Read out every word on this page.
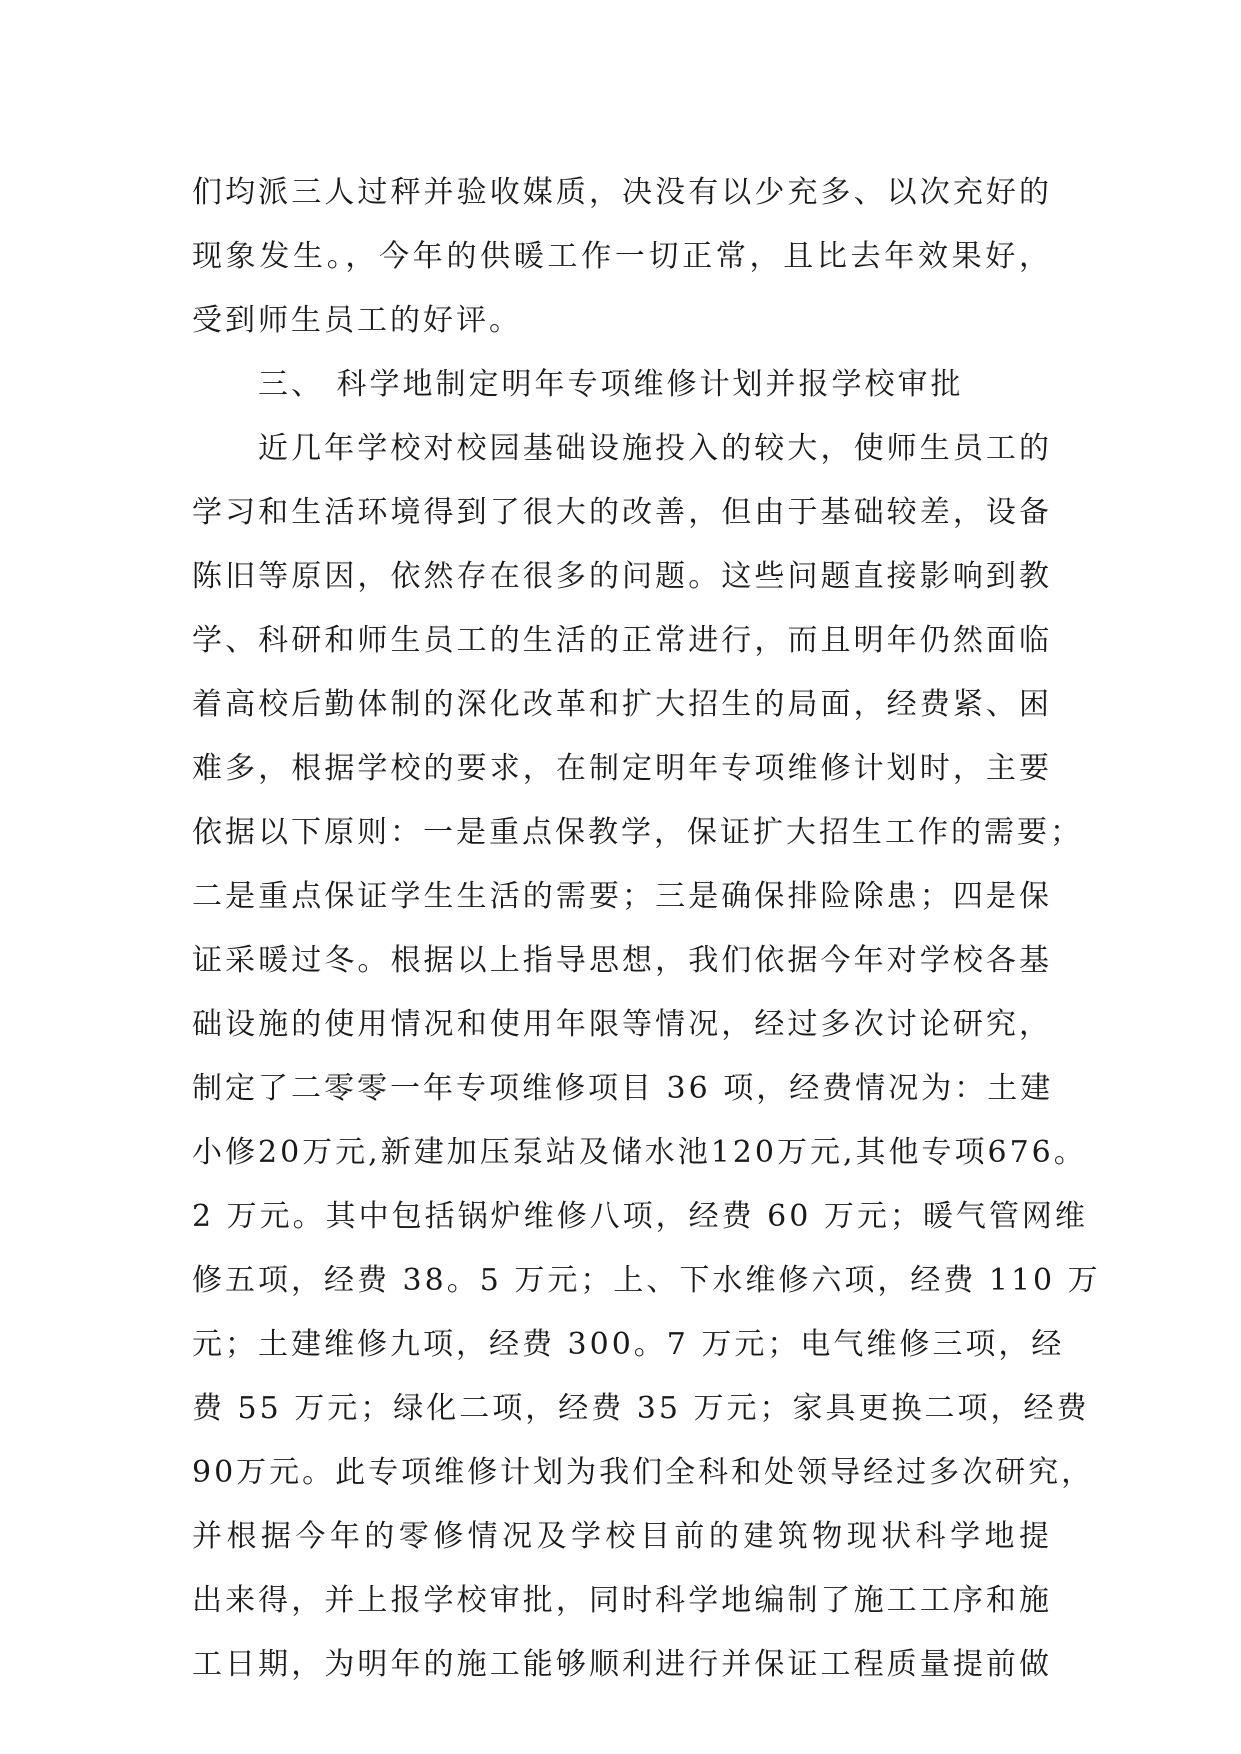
们均派三人过秤并验收媒质，决没有以少充多、以次充好的
现象发生。，今年的供暖工作一切正常，且比去年效果好，
受到师生员工的好评。
三、 科学地制定明年专项维修计划并报学校审批
近几年学校对校园基础设施投入的较大，使师生员工的
学习和生活环境得到了很大的改善，但由于基础较差，设备
陈旧等原因，依然存在很多的问题。这些问题直接影响到教
学、科研和师生员工的生活的正常进行，而且明年仍然面临
着高校后勤体制的深化改革和扩大招生的局面，经费紧、困
难多，根据学校的要求，在制定明年专项维修计划时，主要
依据以下原则：一是重点保教学，保证扩大招生工作的需要；
二是重点保证学生生活的需要；三是确保排险除患；四是保
证采暖过冬。根据以上指导思想，我们依据今年对学校各基
础设施的使用情况和使用年限等情况，经过多次讨论研究，
制定了二零零一年专项维修项目 36 项，经费情况为：土建
小修20万元,新建加压泵站及储水池120万元,其他专项676。
2 万元。其中包括锅炉维修八项，经费 60 万元；暖气管网维
修五项，经费 38。5 万元；上、下水维修六项，经费 110 万
元；土建维修九项，经费 300。7 万元；电气维修三项，经
费 55 万元；绿化二项，经费 35 万元；家具更换二项，经费
90万元。此专项维修计划为我们全科和处领导经过多次研究，
并根据今年的零修情况及学校目前的建筑物现状科学地提
出来得，并上报学校审批，同时科学地编制了施工工序和施
工日期，为明年的施工能够顺利进行并保证工程质量提前做
